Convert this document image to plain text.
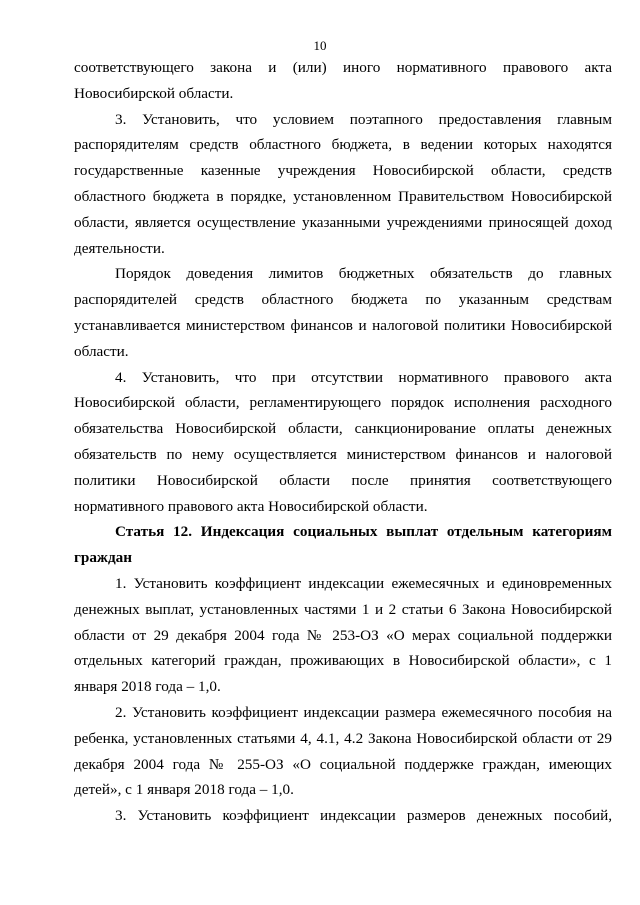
10

соответствующего закона и (или) иного нормативного правового акта Новосибирской области.

3. Установить, что условием поэтапного предоставления главным распорядителям средств областного бюджета, в ведении которых находятся государственные казенные учреждения Новосибирской области, средств областного бюджета в порядке, установленном Правительством Новосибирской области, является осуществление указанными учреждениями приносящей доход деятельности.

Порядок доведения лимитов бюджетных обязательств до главных распорядителей средств областного бюджета по указанным средствам устанавливается министерством финансов и налоговой политики Новосибирской области.

4. Установить, что при отсутствии нормативного правового акта Новосибирской области, регламентирующего порядок исполнения расходного обязательства Новосибирской области, санкционирование оплаты денежных обязательств по нему осуществляется министерством финансов и налоговой политики Новосибирской области после принятия соответствующего нормативного правового акта Новосибирской области.

Статья 12. Индексация социальных выплат отдельным категориям граждан

1. Установить коэффициент индексации ежемесячных и единовременных денежных выплат, установленных частями 1 и 2 статьи 6 Закона Новосибирской области от 29 декабря 2004 года № 253-ОЗ «О мерах социальной поддержки отдельных категорий граждан, проживающих в Новосибирской области», с 1 января 2018 года – 1,0.

2. Установить коэффициент индексации размера ежемесячного пособия на ребенка, установленных статьями 4, 4.1, 4.2 Закона Новосибирской области от 29 декабря 2004 года № 255-ОЗ «О социальной поддержке граждан, имеющих детей», с 1 января 2018 года – 1,0.

3. Установить коэффициент индексации размеров денежных пособий,
